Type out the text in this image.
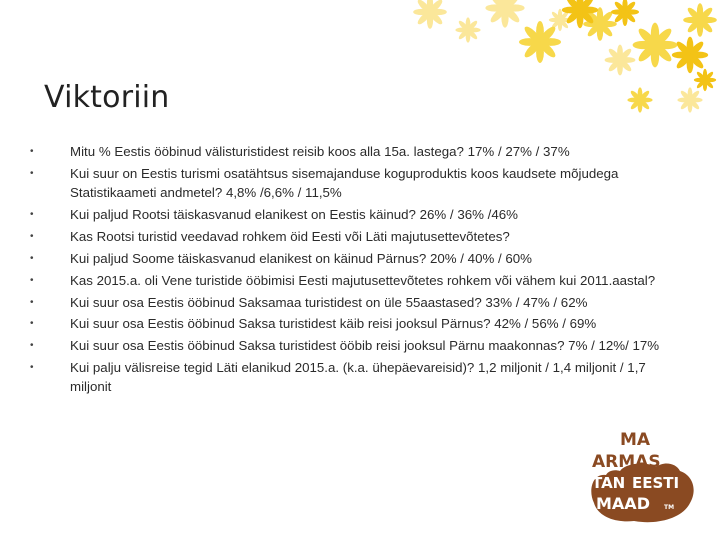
Viktoriin
• Mitu % Eestis ööbinud välisturistidest reisib koos alla 15a. lastega? 17% / 27% / 37%
• Kui suur on Eestis turismi osatähtsus sisemajanduse koguproduktis koos kaudsete mõjudega Statistikaameti andmetel? 4,8% /6,6% / 11,5%
• Kui paljud Rootsi täiskasvanud elanikest on Eestis käinud? 26% / 36% /46%
• Kas Rootsi turistid veedavad rohkem öid Eesti või Läti majutusettevõtetes?
• Kui paljud Soome täiskasvanud elanikest on käinud Pärnus? 20% / 40% / 60%
• Kas 2015.a. oli Vene turistide ööbimisi Eesti majutusettevõtetes rohkem või vähem kui 2011.aastal?
• Kui suur osa Eestis ööbinud Saksamaa turistidest on üle 55aastased? 33% / 47% / 62%
• Kui suur osa Eestis ööbinud Saksa turistidest käib reisi jooksul Pärnus? 42% / 56% / 69%
• Kui suur osa Eestis ööbinud Saksa turistidest ööbib reisi jooksul Pärnu maakonnas? 7% / 12%/ 17%
• Kui palju välisreise tegid Läti elanikud 2015.a. (k.a. ühepäevareisid)? 1,2 miljonit / 1,4 miljonit / 1,7 miljonit
MA
ARMAS
TAN EESTI
MAAD TM
